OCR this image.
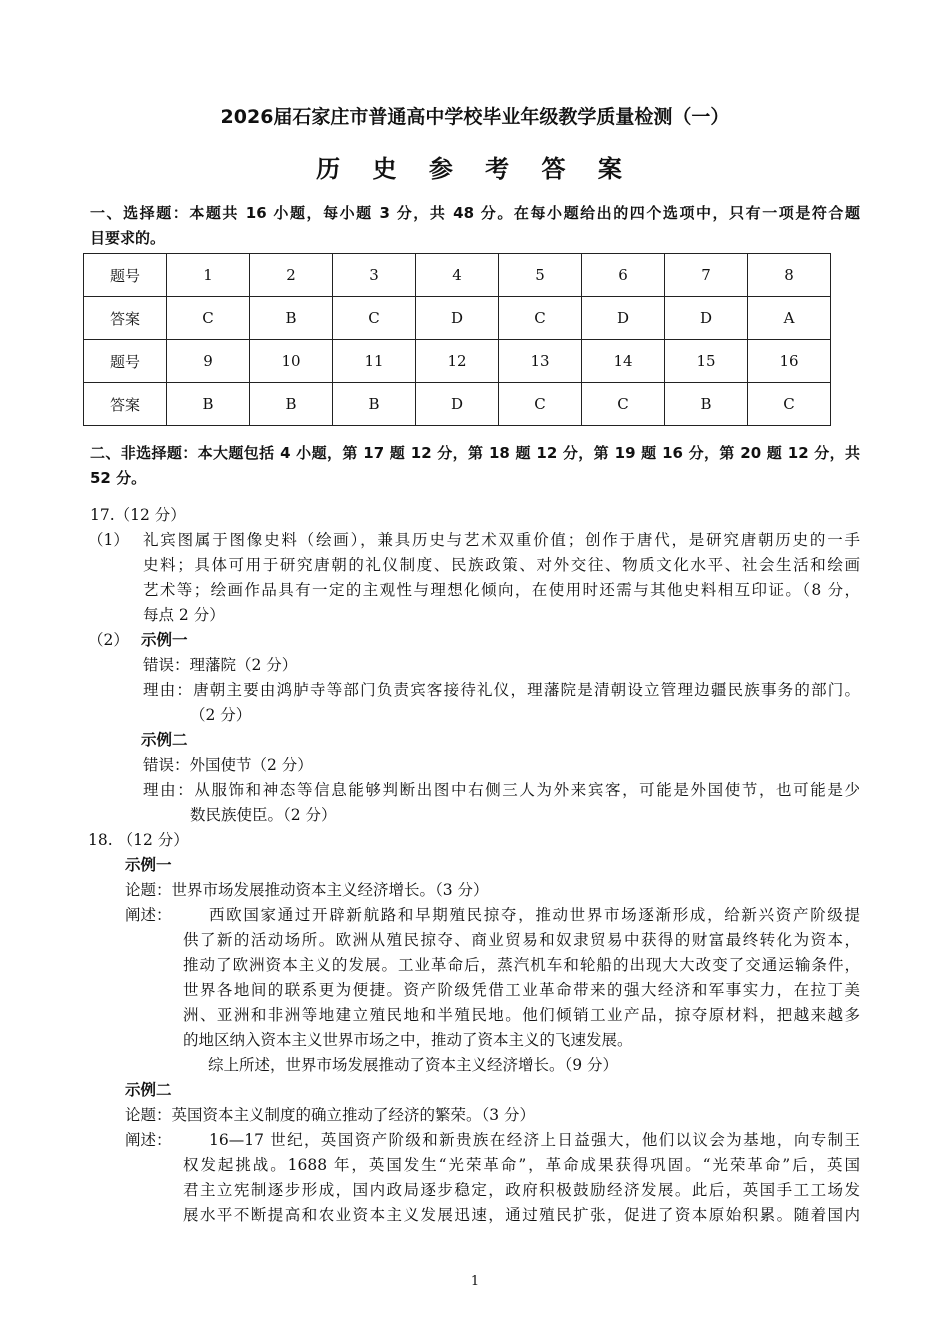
2026届石家庄市普通高中学校毕业年级教学质量检测（一）
历 史 参 考 答 案
一、选择题：本题共 16 小题，每小题 3 分，共 48 分。在每小题给出的四个选项中，只有一项是符合题
目要求的。
题号	1	2	3	4	5	6	7	8
答案	C	B	C	D	C	D	D	A
题号	9	10	11	12	13	14	15	16
答案	B	B	B	D	C	C	B	C
二、非选择题：本大题包括 4 小题，第 17 题 12 分，第 18 题 12 分，第 19 题 16 分，第 20 题 12 分，共
52 分。
17.（12 分）
（1） 礼宾图属于图像史料（绘画），兼具历史与艺术双重价值；创作于唐代，是研究唐朝历史的一手
史料；具体可用于研究唐朝的礼仪制度、民族政策、对外交往、物质文化水平、社会生活和绘画
艺术等；绘画作品具有一定的主观性与理想化倾向，在使用时还需与其他史料相互印证。（8 分，
每点 2 分）
（2） 示例一
错误：理藩院（2 分）
理由：唐朝主要由鸿胪寺等部门负责宾客接待礼仪，理藩院是清朝设立管理边疆民族事务的部门。
（2 分）
示例二
错误：外国使节（2 分）
理由：从服饰和神态等信息能够判断出图中右侧三人为外来宾客，可能是外国使节，也可能是少
数民族使臣。（2 分）
18. （12 分）
示例一
论题：世界市场发展推动资本主义经济增长。（3 分）
阐述：	西欧国家通过开辟新航路和早期殖民掠夺，推动世界市场逐渐形成，给新兴资产阶级提
供了新的活动场所。欧洲从殖民掠夺、商业贸易和奴隶贸易中获得的财富最终转化为资本，
推动了欧洲资本主义的发展。工业革命后，蒸汽机车和轮船的出现大大改变了交通运输条件，
世界各地间的联系更为便捷。资产阶级凭借工业革命带来的强大经济和军事实力，在拉丁美
洲、亚洲和非洲等地建立殖民地和半殖民地。他们倾销工业产品，掠夺原材料，把越来越多
的地区纳入资本主义世界市场之中，推动了资本主义的飞速发展。
综上所述，世界市场发展推动了资本主义经济增长。（9 分）
示例二
论题：英国资本主义制度的确立推动了经济的繁荣。（3 分）
阐述：	16—17 世纪，英国资产阶级和新贵族在经济上日益强大，他们以议会为基地，向专制王
权发起挑战。1688 年，英国发生“光荣革命”，革命成果获得巩固。“光荣革命”后，英国
君主立宪制逐步形成，国内政局逐步稳定，政府积极鼓励经济发展。此后，英国手工工场发
展水平不断提高和农业资本主义发展迅速，通过殖民扩张，促进了资本原始积累。随着国内
1
